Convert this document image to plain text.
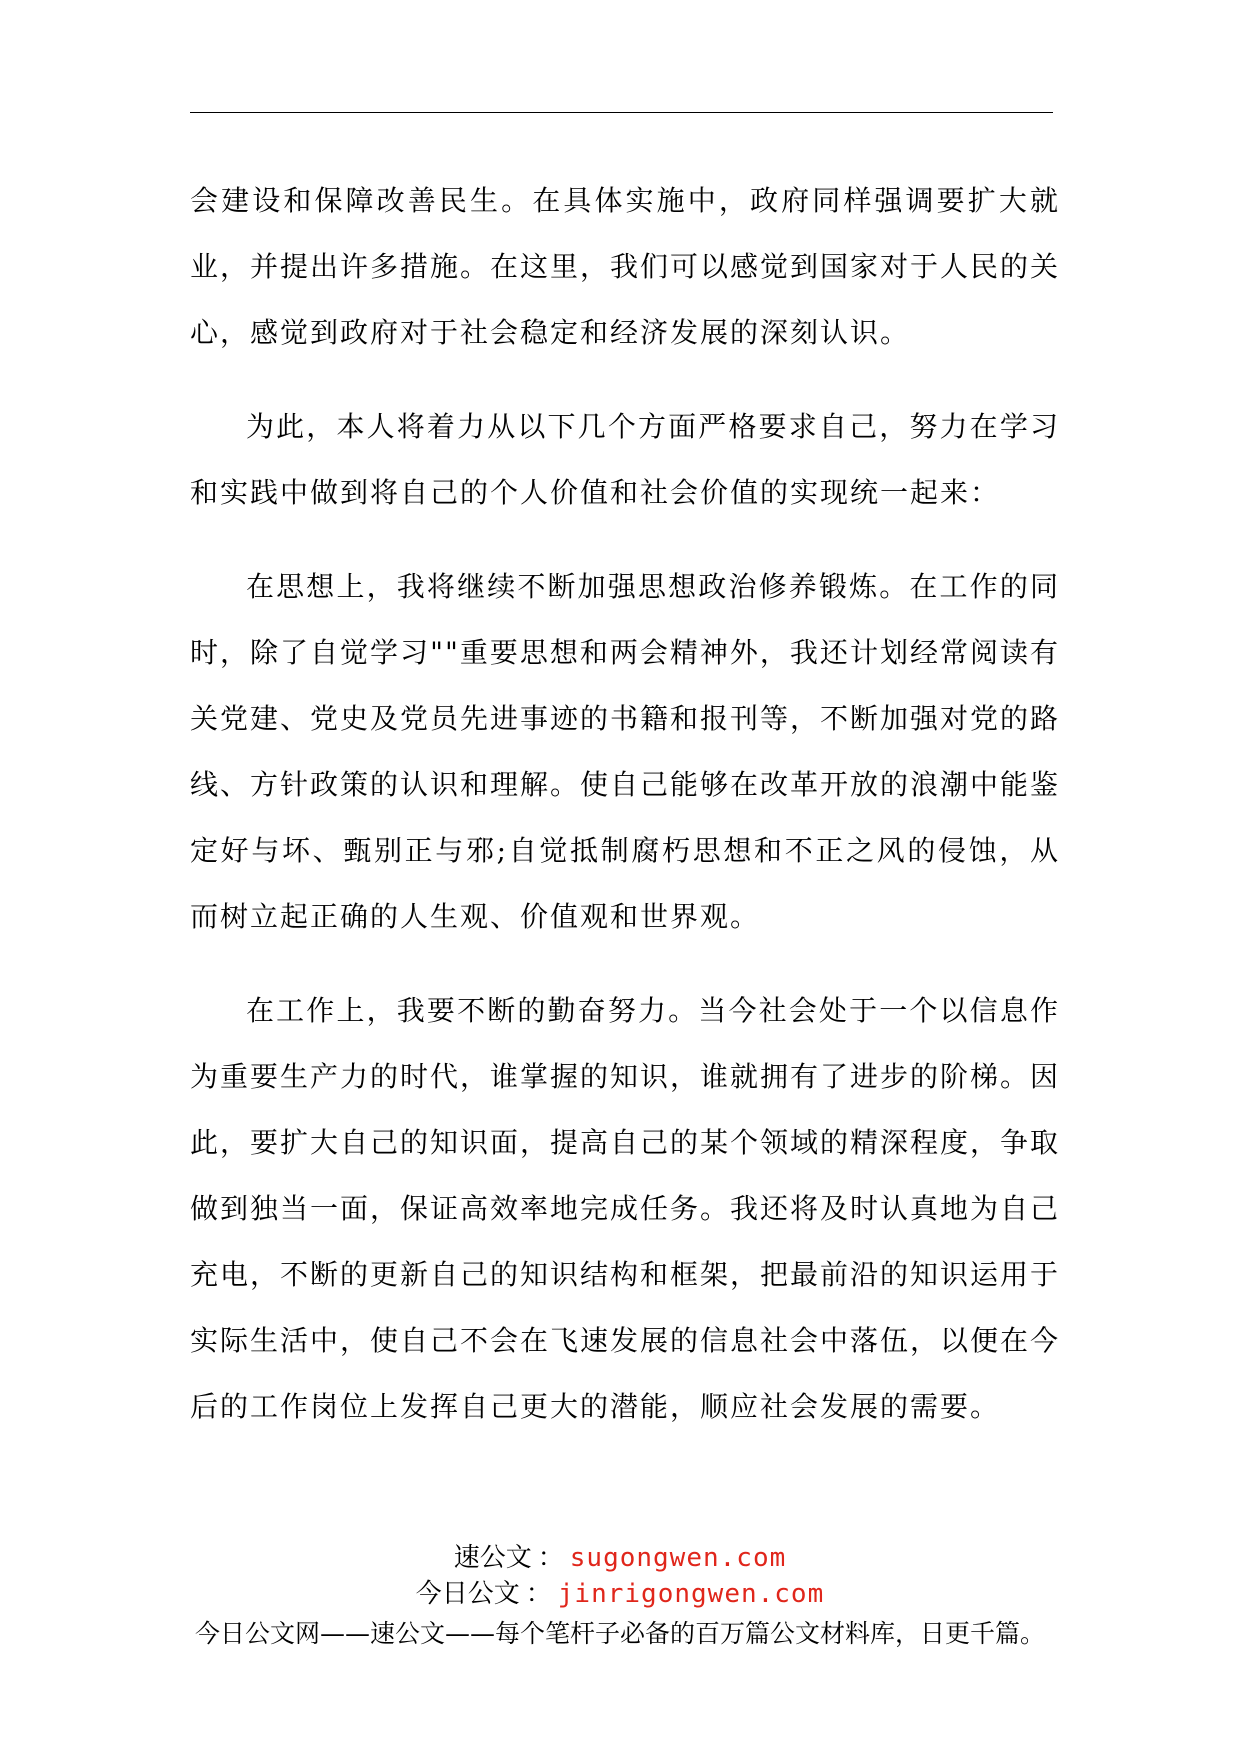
会建设和保障改善民生。在具体实施中，政府同样强调要扩大就业，并提出许多措施。在这里，我们可以感觉到国家对于人民的关心，感觉到政府对于社会稳定和经济发展的深刻认识。

为此，本人将着力从以下几个方面严格要求自己，努力在学习和实践中做到将自己的个人价值和社会价值的实现统一起来：

在思想上，我将继续不断加强思想政治修养锻炼。在工作的同时，除了自觉学习""重要思想和两会精神外，我还计划经常阅读有关党建、党史及党员先进事迹的书籍和报刊等，不断加强对党的路线、方针政策的认识和理解。使自己能够在改革开放的浪潮中能鉴定好与坏、甄别正与邪;自觉抵制腐朽思想和不正之风的侵蚀，从而树立起正确的人生观、价值观和世界观。

在工作上，我要不断的勤奋努力。当今社会处于一个以信息作为重要生产力的时代，谁掌握的知识，谁就拥有了进步的阶梯。因此，要扩大自己的知识面，提高自己的某个领域的精深程度，争取做到独当一面，保证高效率地完成任务。我还将及时认真地为自己充电，不断的更新自己的知识结构和框架，把最前沿的知识运用于实际生活中，使自己不会在飞速发展的信息社会中落伍，以便在今后的工作岗位上发挥自己更大的潜能，顺应社会发展的需要。

速公文 ： sugongwen.com
今日公文 ： jinrigongwen.com
今日公文网——速公文——每个笔杆子必备的百万篇公文材料库，日更千篇。
